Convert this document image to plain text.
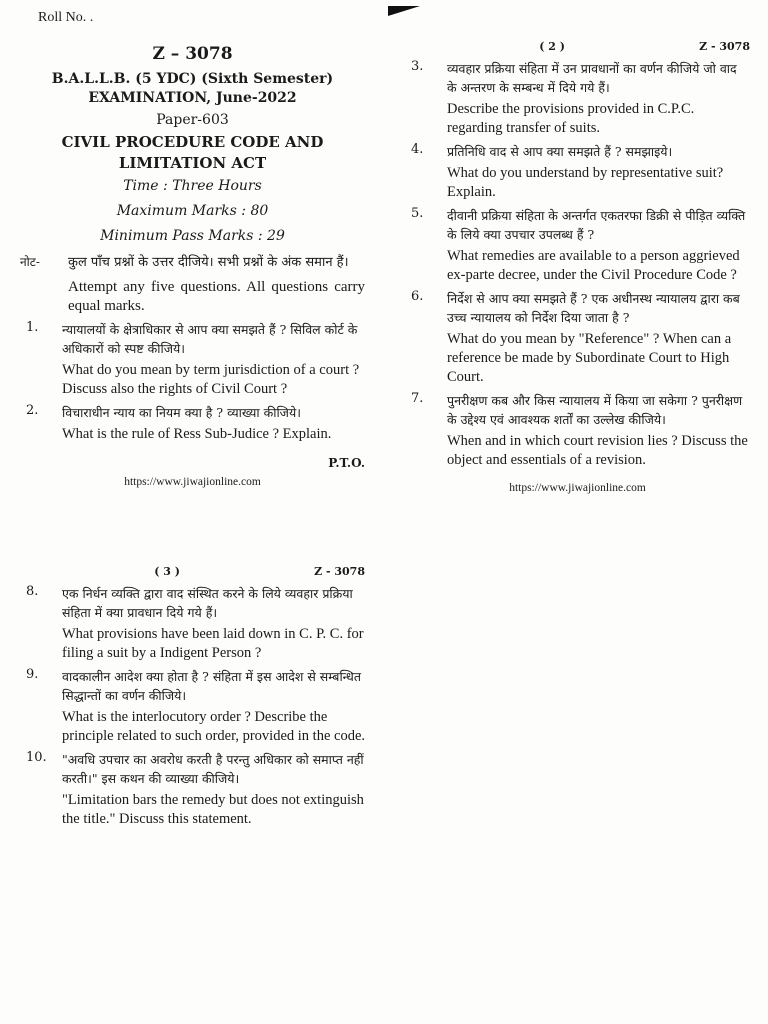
Roll No. .
Z – 3078
B.A.L.L.B. (5 YDC) (Sixth Semester)
EXAMINATION, June-2022
Paper-603
CIVIL PROCEDURE CODE AND
LIMITATION ACT
Time : Three Hours
Maximum Marks : 80
Minimum Pass Marks : 29
नोट-	कुल पाँच प्रश्नों के उत्तर दीजिये। सभी प्रश्नों के अंक समान हैं।
Attempt any five questions. All questions carry equal marks.
1.	न्यायालयों के क्षेत्राधिकार से आप क्या समझते हैं ? सिविल कोर्ट के अधिकारों को स्पष्ट कीजिये।
What do you mean by term jurisdiction of a court ? Discuss also the rights of Civil Court ?
2.	विचाराधीन न्याय का नियम क्या है ? व्याख्या कीजिये।
What is the rule of Ress Sub-Judice ? Explain.
P.T.O.
https://www.jiwajionline.com
( 2 )	Z - 3078
3.	व्यवहार प्रक्रिया संहिता में उन प्रावधानों का वर्णन कीजिये जो वाद के अन्तरण के सम्बन्ध में दिये गये हैं।
Describe the provisions provided in C.P.C. regarding transfer of suits.
4.	प्रतिनिधि वाद से आप क्या समझते हैं ? समझाइये।
What do you understand by representative suit? Explain.
5.	दीवानी प्रक्रिया संहिता के अन्तर्गत एकतरफा डिक्री से पीड़ित व्यक्ति के लिये क्या उपचार उपलब्ध हैं ?
What remedies are available to a person aggrieved ex-parte decree, under the Civil Procedure Code ?
6.	निर्देश से आप क्या समझते हैं ? एक अधीनस्थ न्यायालय द्वारा कब उच्च न्यायालय को निर्देश दिया जाता है ?
What do you mean by "Reference" ? When can a reference be made by Subordinate Court to High Court.
7.	पुनरीक्षण कब और किस न्यायालय में किया जा सकेगा ? पुनरीक्षण के उद्देश्य एवं आवश्यक शर्तों का उल्लेख कीजिये।
When and in which court revision lies ? Discuss the object and essentials of a revision.
https://www.jiwajionline.com
( 3 )	Z - 3078
8.	एक निर्धन व्यक्ति द्वारा वाद संस्थित करने के लिये व्यवहार प्रक्रिया संहिता में क्या प्रावधान दिये गये हैं।
What provisions have been laid down in C. P. C. for filing a suit by a Indigent Person ?
9.	वादकालीन आदेश क्या होता है ? संहिता में इस आदेश से सम्बन्धित सिद्धान्तों का वर्णन कीजिये।
What is the interlocutory order ? Describe the principle related to such order, provided in the code.
10.	"अवधि उपचार का अवरोध करती है परन्तु अधिकार को समाप्त नहीं करती।" इस कथन की व्याख्या कीजिये।
"Limitation bars the remedy but does not extinguish the title." Discuss this statement.
